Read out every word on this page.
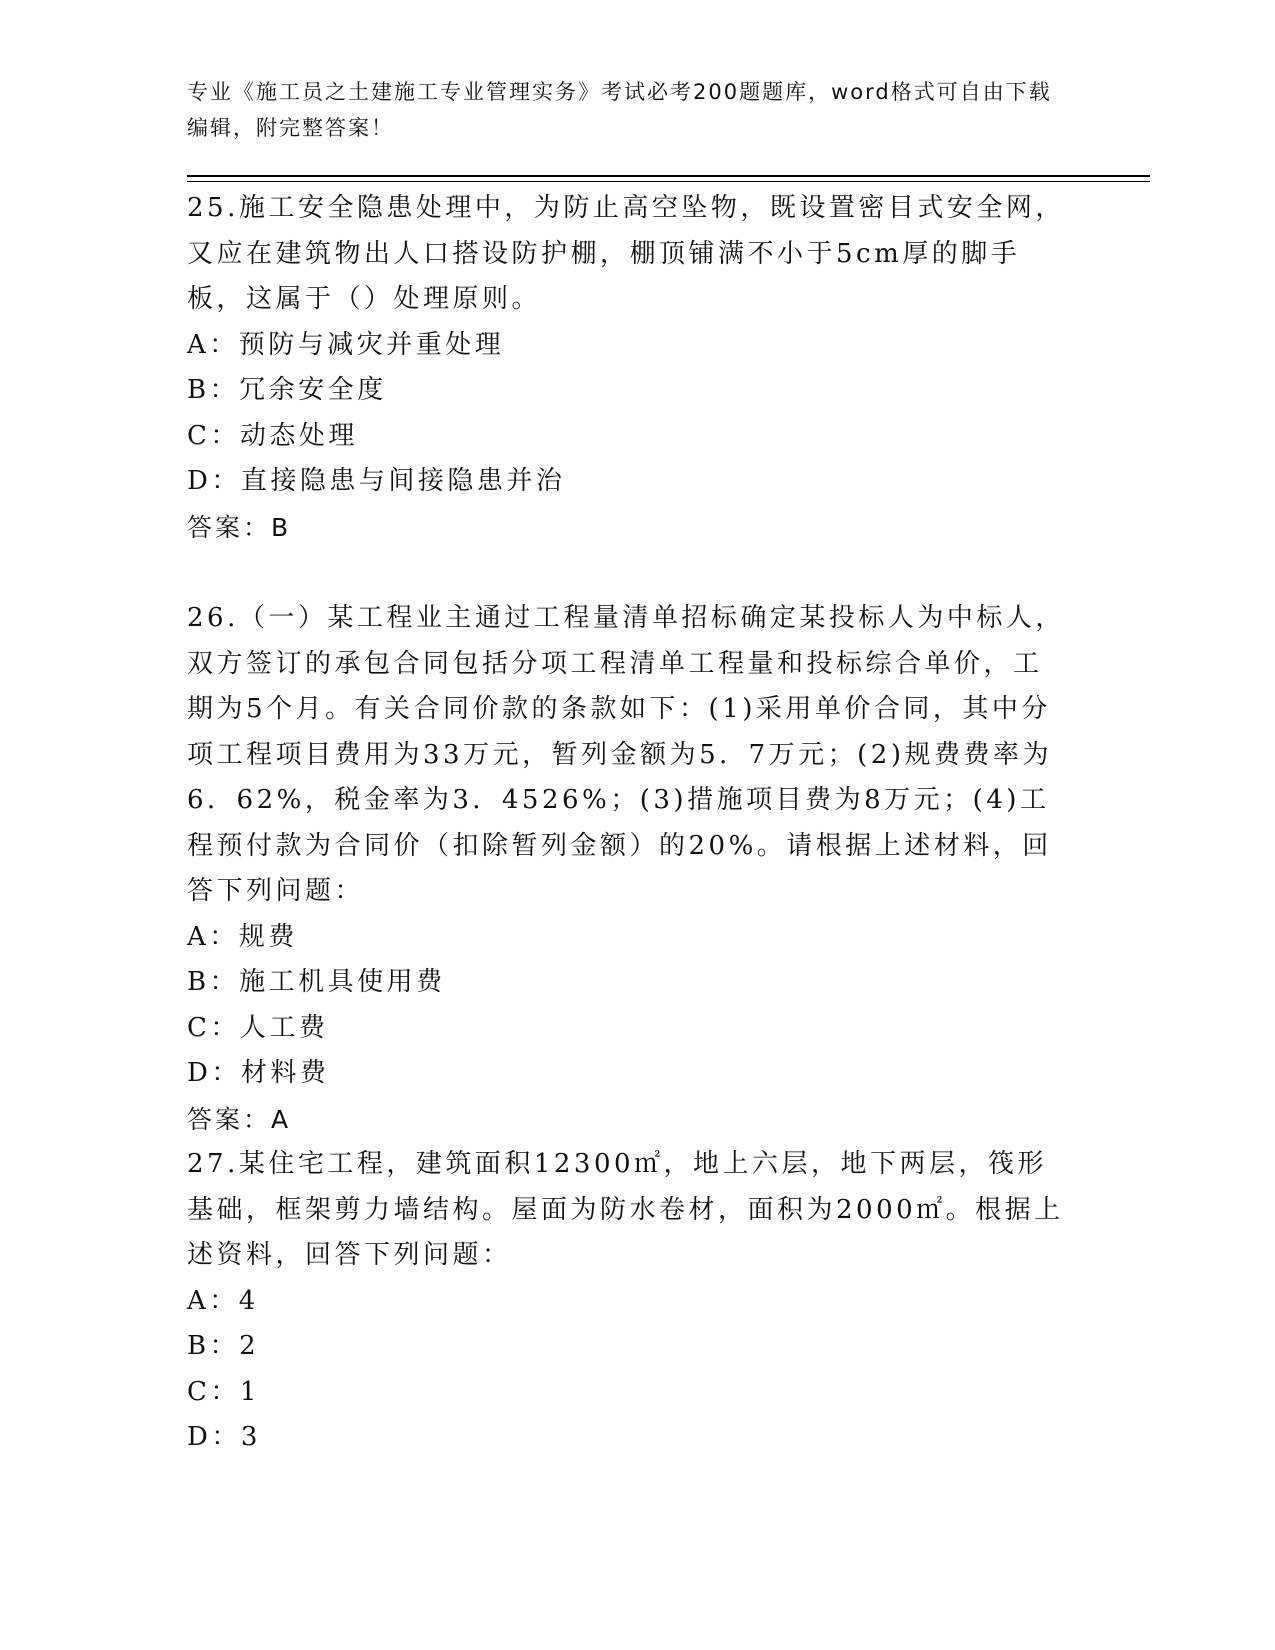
专业《施工员之土建施工专业管理实务》考试必考200题题库，word格式可自由下载编辑，附完整答案！

25.施工安全隐患处理中，为防止高空坠物，既设置密目式安全网，又应在建筑物出人口搭设防护棚，棚顶铺满不小于5cm厚的脚手板，这属于（）处理原则。

A：预防与减灾并重处理

B：冗余安全度

C：动态处理

D：直接隐患与间接隐患并治

答案：B

26.（一）某工程业主通过工程量清单招标确定某投标人为中标人，双方签订的承包合同包括分项工程清单工程量和投标综合单价，工期为5个月。有关合同价款的条款如下：(1)采用单价合同，其中分项工程项目费用为33万元，暂列金额为5．7万元；(2)规费费率为6．62%，税金率为3．4526%；(3)措施项目费为8万元；(4)工程预付款为合同价（扣除暂列金额）的20%。请根据上述材料，回答下列问题：

A：规费

B：施工机具使用费

C：人工费

D：材料费

答案：A

27.某住宅工程，建筑面积12300㎡，地上六层，地下两层，筏形基础，框架剪力墙结构。屋面为防水卷材，面积为2000㎡。根据上述资料，回答下列问题：

A：4

B：2

C：1

D：3
